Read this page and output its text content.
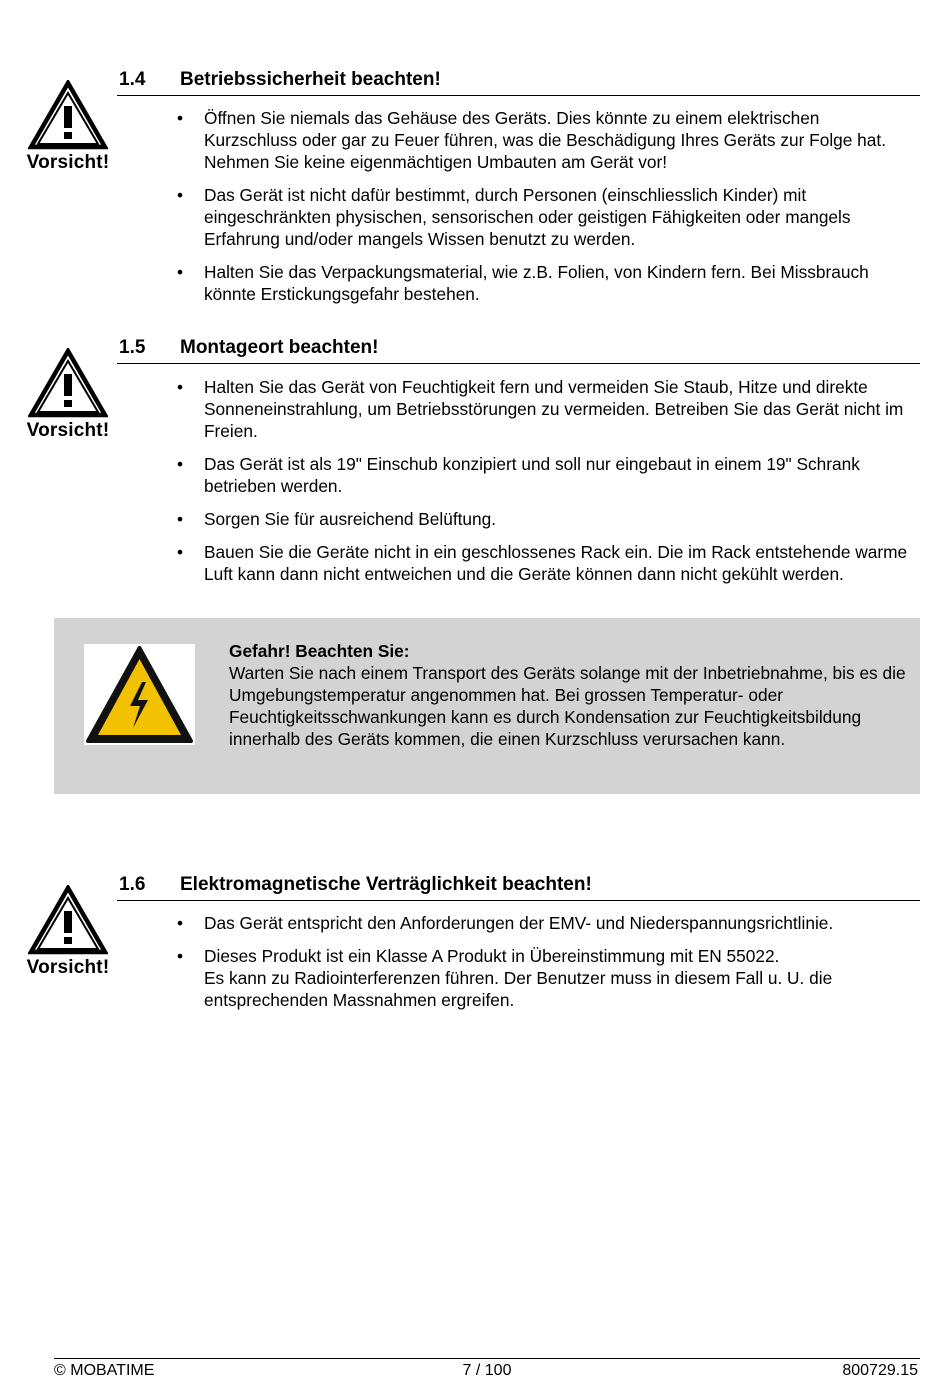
Vorsicht!
1.4 Betriebssicherheit beachten!
• Öffnen Sie niemals das Gehäuse des Geräts. Dies könnte zu einem elektrischen Kurzschluss oder gar zu Feuer führen, was die Beschädigung Ihres Geräts zur Folge hat. Nehmen Sie keine eigenmächtigen Umbauten am Gerät vor!
• Das Gerät ist nicht dafür bestimmt, durch Personen (einschliesslich Kinder) mit eingeschränkten physischen, sensorischen oder geistigen Fähigkeiten oder mangels Erfahrung und/oder mangels Wissen benutzt zu werden.
• Halten Sie das Verpackungsmaterial, wie z.B. Folien, von Kindern fern. Bei Missbrauch könnte Erstickungsgefahr bestehen.
Vorsicht!
1.5 Montageort beachten!
• Halten Sie das Gerät von Feuchtigkeit fern und vermeiden Sie Staub, Hitze und direkte Sonneneinstrahlung, um Betriebsstörungen zu vermeiden. Betreiben Sie das Gerät nicht im Freien.
• Das Gerät ist als 19" Einschub konzipiert und soll nur eingebaut in einem 19" Schrank betrieben werden.
• Sorgen Sie für ausreichend Belüftung.
• Bauen Sie die Geräte nicht in ein geschlossenes Rack ein. Die im Rack entstehende warme Luft kann dann nicht entweichen und die Geräte können dann nicht gekühlt werden.
Gefahr! Beachten Sie:
Warten Sie nach einem Transport des Geräts solange mit der Inbetriebnahme, bis es die Umgebungstemperatur angenommen hat. Bei grossen Temperatur- oder Feuchtigkeitsschwankungen kann es durch Kondensation zur Feuchtigkeitsbildung innerhalb des Geräts kommen, die einen Kurzschluss verursachen kann.
Vorsicht!
1.6 Elektromagnetische Verträglichkeit beachten!
• Das Gerät entspricht den Anforderungen der EMV- und Niederspannungsrichtlinie.
• Dieses Produkt ist ein Klasse A Produkt in Übereinstimmung mit EN 55022.
Es kann zu Radiointerferenzen führen. Der Benutzer muss in diesem Fall u. U. die entsprechenden Massnahmen ergreifen.
© MOBATIME	7 / 100	800729.15
